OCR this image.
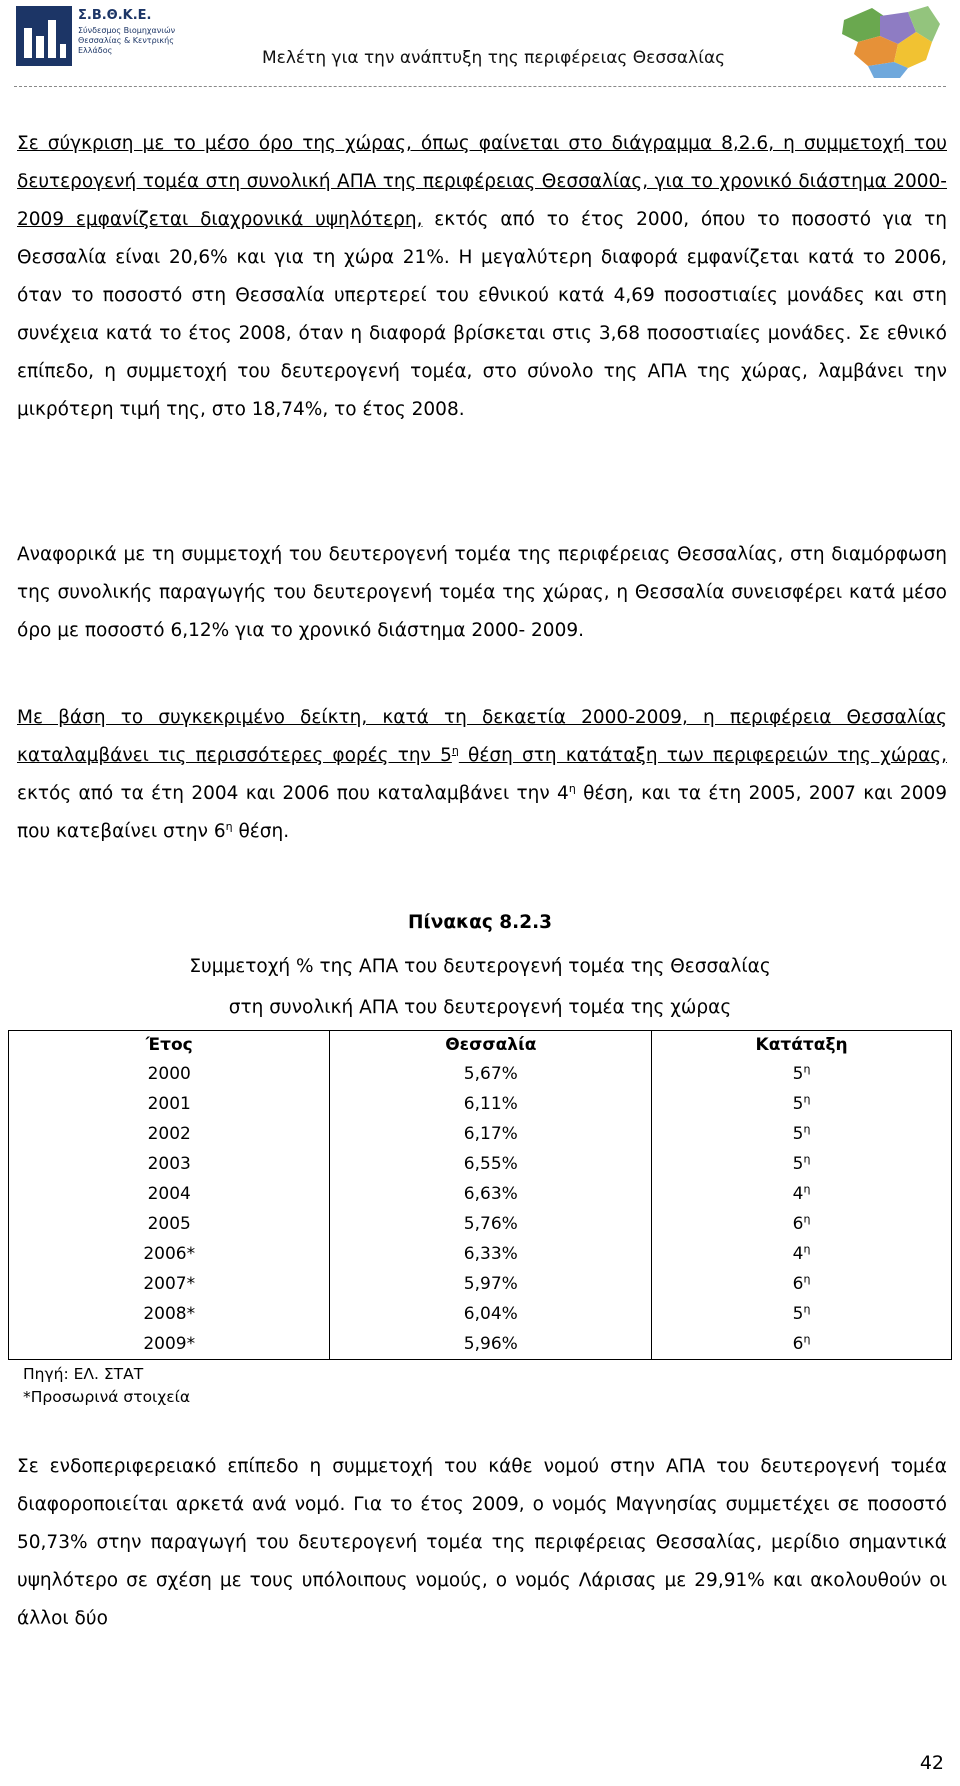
Σ.Β.Θ.Κ.Ε.
Σύνδεσμος Βιομηχανιών Θεσσαλίας & Κεντρικής Ελλάδος	Μελέτη για την ανάπτυξη της περιφέρειας Θεσσαλίας

Σε σύγκριση με το μέσο όρο της χώρας, όπως φαίνεται στο διάγραμμα 8,2.6, η συμμετοχή του δευτερογενή τομέα στη συνολική ΑΠΑ της περιφέρειας Θεσσαλίας, για το χρονικό διάστημα 2000-2009 εμφανίζεται διαχρονικά υψηλότερη, εκτός από το έτος 2000, όπου το ποσοστό για τη Θεσσαλία είναι 20,6% και για τη χώρα 21%. Η μεγαλύτερη διαφορά εμφανίζεται κατά το 2006, όταν το ποσοστό στη Θεσσαλία υπερτερεί του εθνικού κατά 4,69 ποσοστιαίες μονάδες και στη συνέχεια κατά το έτος 2008, όταν η διαφορά βρίσκεται στις 3,68 ποσοστιαίες μονάδες. Σε εθνικό επίπεδο, η συμμετοχή του δευτερογενή τομέα, στο σύνολο της ΑΠΑ της χώρας, λαμβάνει την μικρότερη τιμή της, στο 18,74%, το έτος 2008.

Αναφορικά με τη συμμετοχή του δευτερογενή τομέα της περιφέρειας Θεσσαλίας, στη διαμόρφωση της συνολικής παραγωγής του δευτερογενή τομέα της χώρας, η Θεσσαλία συνεισφέρει κατά μέσο όρο με ποσοστό 6,12% για το χρονικό διάστημα 2000- 2009.

Με βάση το συγκεκριμένο δείκτη, κατά τη δεκαετία 2000-2009, η περιφέρεια Θεσσαλίας καταλαμβάνει τις περισσότερες φορές την $5^\eta$ θέση στη κατάταξη των περιφερειών της χώρας, εκτός από τα έτη 2004 και 2006 που καταλαμβάνει την $4^\eta$ θέση, και τα έτη 2005, 2007 και 2009 που κατεβαίνει στην $6^\eta$ θέση.

Πίνακας 8.2.3
Συμμετοχή % της ΑΠΑ του δευτερογενή τομέα της Θεσσαλίας
στη συνολική ΑΠΑ του δευτερογενή τομέα της χώρας
Έτος	Θεσσαλία	Κατάταξη
2000	5,67%	$5^\eta$
2001	6,11%	$5^\eta$
2002	6,17%	$5^\eta$
2003	6,55%	$5^\eta$
2004	6,63%	$4^\eta$
2005	5,76%	$6^\eta$
2006*	6,33%	$4^\eta$
2007*	5,97%	$6^\eta$
2008*	6,04%	$5^\eta$
2009*	5,96%	$6^\eta$
Πηγή: ΕΛ. ΣΤΑΤ
*Προσωρινά στοιχεία

Σε ενδοπεριφερειακό επίπεδο η συμμετοχή του κάθε νομού στην ΑΠΑ του δευτερογενή τομέα διαφοροποιείται αρκετά ανά νομό. Για το έτος 2009, ο νομός Μαγνησίας συμμετέχει σε ποσοστό 50,73% στην παραγωγή του δευτερογενή τομέα της περιφέρειας Θεσσαλίας, μερίδιο σημαντικά υψηλότερο σε σχέση με τους υπόλοιπους νομούς, ο νομός Λάρισας με 29,91% και ακολουθούν οι άλλοι δύο

42
